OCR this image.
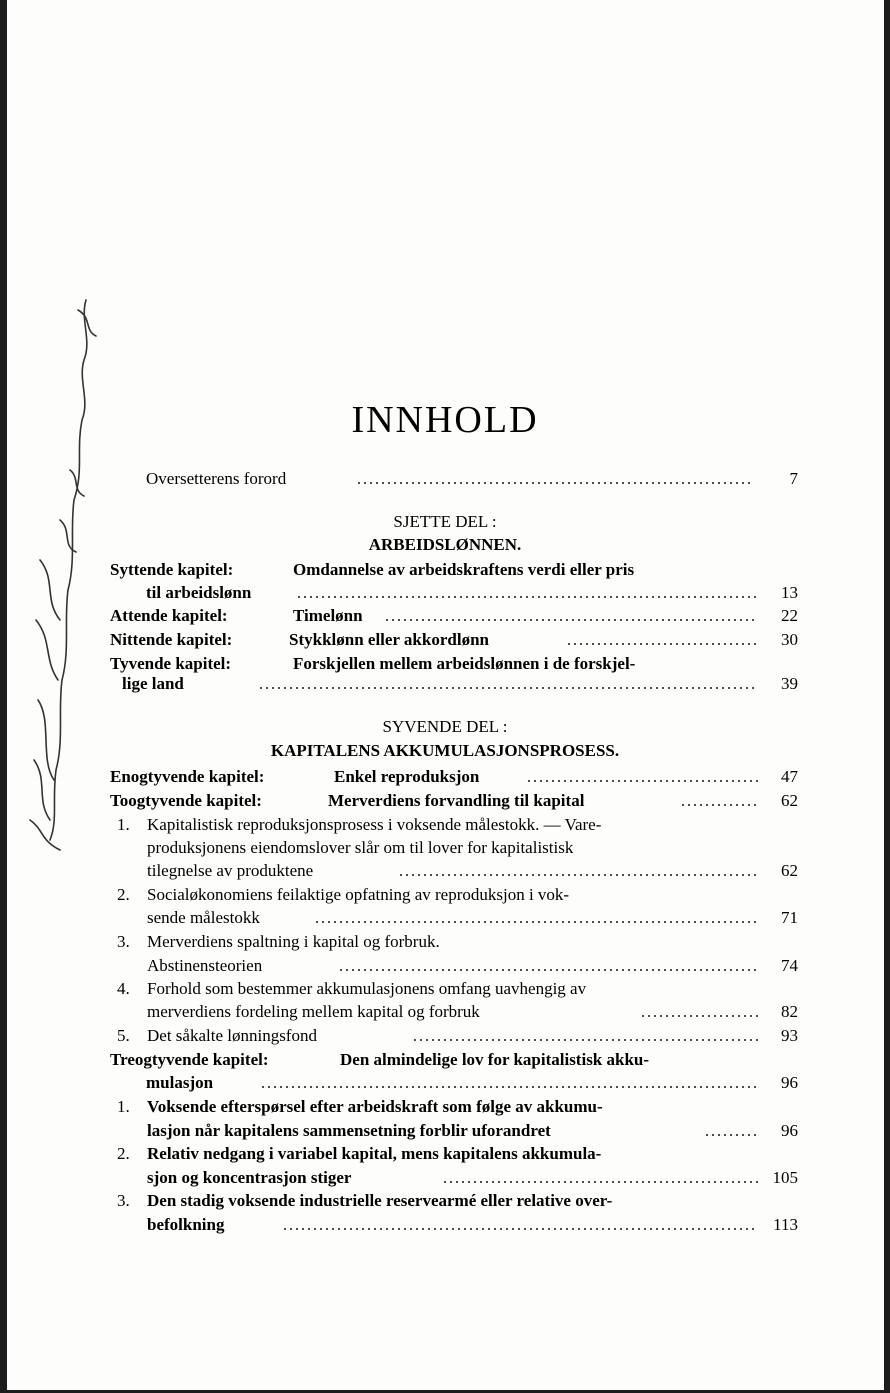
INNHOLD
Oversetterens forord	7
SJETTE DEL :
ARBEIDSLØNNEN.
Syttende kapitel:	Omdannelse av arbeidskraftens verdi eller pris
til arbeidslønn	13
Attende kapitel:	Timelønn	22
Nittende kapitel:	Stykklønn eller akkordlønn	30
Tyvende kapitel:	Forskjellen mellem arbeidslønnen i de forskjel-
lige land	39
SYVENDE DEL :
KAPITALENS AKKUMULASJONSPROSESS.
Enogtyvende kapitel:	Enkel reproduksjon	47
Toogtyvende kapitel:	Merverdiens forvandling til kapital	62
1. Kapitalistisk reproduksjonsprosess i voksende målestokk. — Vare-
produksjonens eiendomslover slår om til lover for kapitalistisk
tilegnelse av produktene	62
2. Socialøkonomiens feilaktige opfatning av reproduksjon i vok-
sende målestokk	71
3. Merverdiens spaltning i kapital og forbruk.
Abstinensteorien	74
4. Forhold som bestemmer akkumulasjonens omfang uavhengig av
merverdiens fordeling mellem kapital og forbruk	82
5. Det såkalte lønningsfond	93
Treogtyvende kapitel:	Den almindelige lov for kapitalistisk akku-
mulasjon	96
1. Voksende efterspørsel efter arbeidskraft som følge av akkumu-
lasjon når kapitalens sammensetning forblir uforandret	96
2. Relativ nedgang i variabel kapital, mens kapitalens akkumula-
sjon og koncentrasjon stiger	105
3. Den stadig voksende industrielle reservearmé eller relative over-
befolkning	113
